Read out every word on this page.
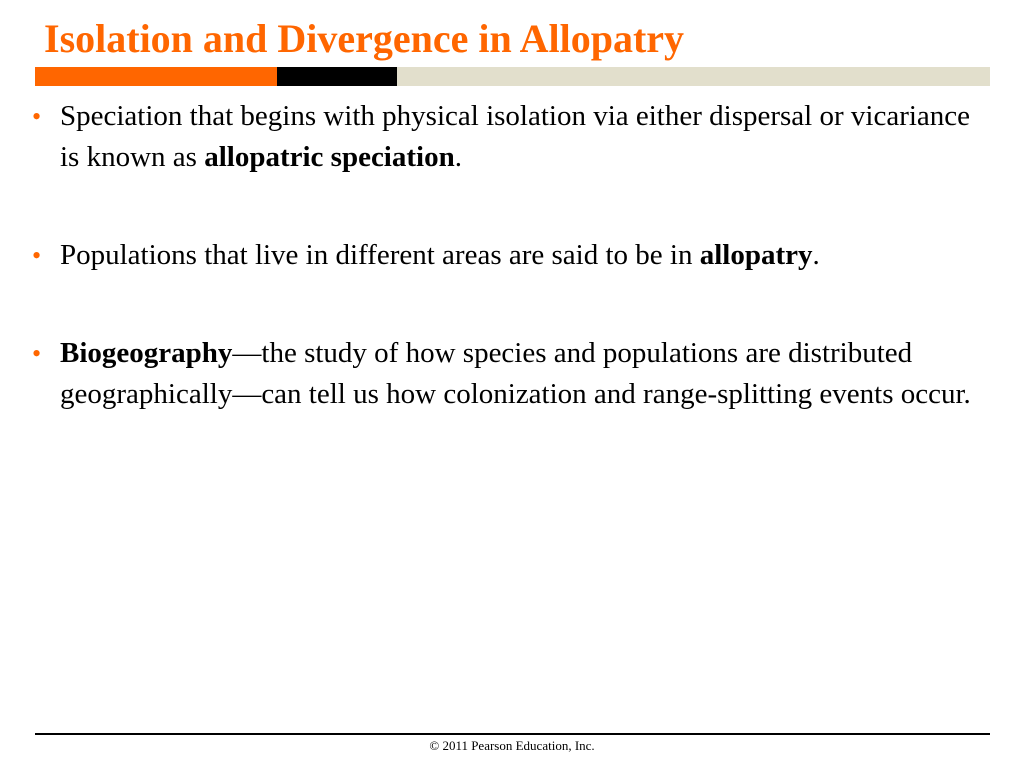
Isolation and Divergence in Allopatry
• Speciation that begins with physical isolation via either dispersal or vicariance is known as allopatric speciation.
• Populations that live in different areas are said to be in allopatry.
• Biogeography—the study of how species and populations are distributed geographically—can tell us how colonization and range-splitting events occur.
© 2011 Pearson Education, Inc.
